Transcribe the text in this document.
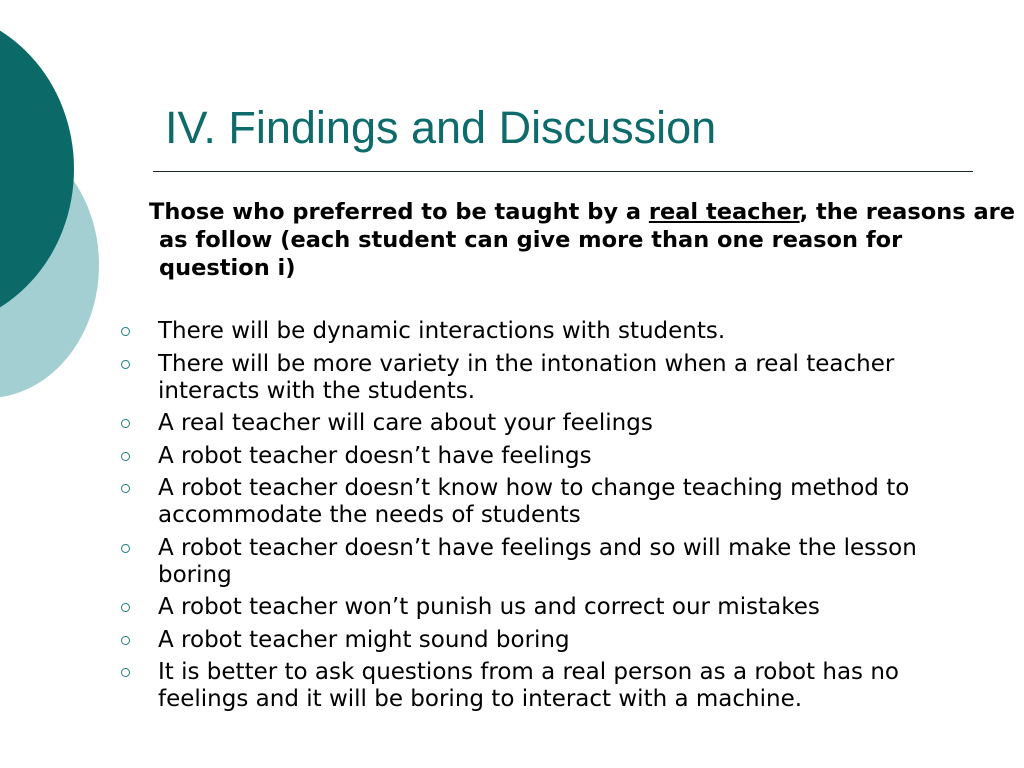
IV. Findings and Discussion

Those who preferred to be taught by a real teacher, the reasons are as follow (each student can give more than one reason for question i)

There will be dynamic interactions with students.
There will be more variety in the intonation when a real teacher interacts with the students.
A real teacher will care about your feelings
A robot teacher doesn’t have feelings
A robot teacher doesn’t know how to change teaching method to accommodate the needs of students
A robot teacher doesn’t have feelings and so will make the lesson boring
A robot teacher won’t punish us and correct our mistakes
A robot teacher might sound boring
It is better to ask questions from a real person as a robot has no feelings and it will be boring to interact with a machine.
